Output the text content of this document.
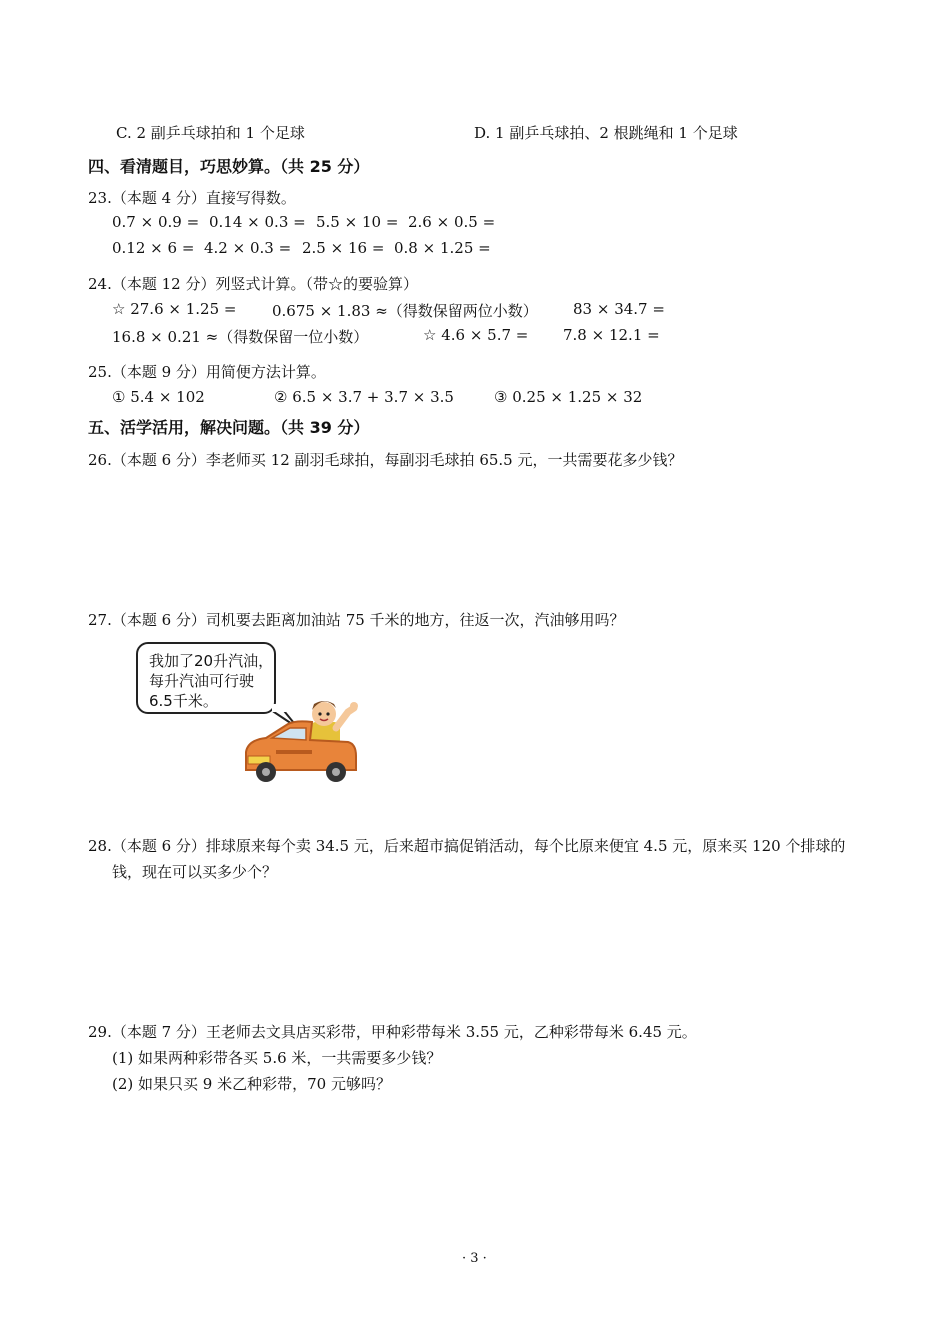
C. 2 副乒乓球拍和 1 个足球	D. 1 副乒乓球拍、2 根跳绳和 1 个足球
四、看清题目，巧思妙算。（共 25 分）
23.（本题 4 分）直接写得数。
0.7 × 0.9 = 0.14 × 0.3 = 5.5 × 10 = 2.6 × 0.5 =
0.12 × 6 = 4.2 × 0.3 = 2.5 × 16 = 0.8 × 1.25 =
24.（本题 12 分）列竖式计算。（带☆的要验算）
☆ 27.6 × 1.25 = 0.675 × 1.83 ≈（得数保留两位小数） 83 × 34.7 =
16.8 × 0.21 ≈（得数保留一位小数）	☆ 4.6 × 5.7 = 7.8 × 12.1 =
25.（本题 9 分）用简便方法计算。
① 5.4 × 102	② 6.5 × 3.7 + 3.7 × 3.5	③ 0.25 × 1.25 × 32
五、活学活用，解决问题。（共 39 分）
26.（本题 6 分）李老师买 12 副羽毛球拍，每副羽毛球拍 65.5 元，一共需要花多少钱？
27.（本题 6 分）司机要去距离加油站 75 千米的地方，往返一次，汽油够用吗？
我加了20升汽油，
每升汽油可行驶
6.5千米。
28.（本题 6 分）排球原来每个卖 34.5 元，后来超市搞促销活动，每个比原来便宜 4.5 元，原来买 120 个排球的
钱，现在可以买多少个？
29.（本题 7 分）王老师去文具店买彩带，甲种彩带每米 3.55 元，乙种彩带每米 6.45 元。
(1) 如果两种彩带各买 5.6 米，一共需要多少钱？
(2) 如果只买 9 米乙种彩带，70 元够吗？
· 3 ·
